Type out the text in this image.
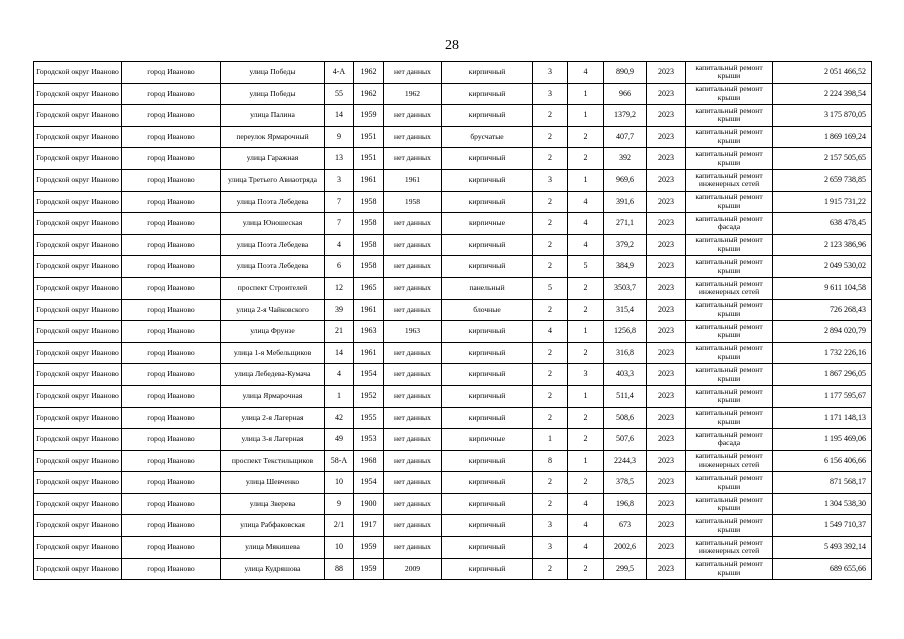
28
Городской округ Иваново	город Иваново	улица Победы	4-А	1962	нет данных	кирпичный	3	4	890,9	2023	капитальный ремонт крыши	2 051 466,52
Городской округ Иваново	город Иваново	улица Победы	55	1962	1962	кирпичный	3	1	966	2023	капитальный ремонт крыши	2 224 398,54
Городской округ Иваново	город Иваново	улица Палина	14	1959	нет данных	кирпичный	2	1	1379,2	2023	капитальный ремонт крыши	3 175 870,05
Городской округ Иваново	город Иваново	переулок Ярмарочный	9	1951	нет данных	брусчатые	2	2	407,7	2023	капитальный ремонт крыши	1 869 169,24
Городской округ Иваново	город Иваново	улица Гаражная	13	1951	нет данных	кирпичный	2	2	392	2023	капитальный ремонт крыши	2 157 505,65
Городской округ Иваново	город Иваново	улица Третьего Авиаотряда	3	1961	1961	кирпичный	3	1	969,6	2023	капитальный ремонт инженерных сетей	2 659 738,85
Городской округ Иваново	город Иваново	улица Поэта Лебедева	7	1958	1958	кирпичный	2	4	391,6	2023	капитальный ремонт крыши	1 915 731,22
Городской округ Иваново	город Иваново	улица Юношеская	7	1958	нет данных	кирпичные	2	4	271,1	2023	капитальный ремонт фасада	638 478,45
Городской округ Иваново	город Иваново	улица Поэта Лебедева	4	1958	нет данных	кирпичный	2	4	379,2	2023	капитальный ремонт крыши	2 123 386,96
Городской округ Иваново	город Иваново	улица Поэта Лебедева	6	1958	нет данных	кирпичный	2	5	384,9	2023	капитальный ремонт крыши	2 049 530,02
Городской округ Иваново	город Иваново	проспект Строителей	12	1965	нет данных	панельный	5	2	3503,7	2023	капитальный ремонт инженерных сетей	9 611 104,58
Городской округ Иваново	город Иваново	улица 2-я Чайковского	39	1961	нет данных	блочные	2	2	315,4	2023	капитальный ремонт крыши	726 268,43
Городской округ Иваново	город Иваново	улица Фрунзе	21	1963	1963	кирпичный	4	1	1256,8	2023	капитальный ремонт крыши	2 894 020,79
Городской округ Иваново	город Иваново	улица 1-я Мебельщиков	14	1961	нет данных	кирпичный	2	2	316,8	2023	капитальный ремонт крыши	1 732 226,16
Городской округ Иваново	город Иваново	улица Лебедева-Кумача	4	1954	нет данных	кирпичный	2	3	403,3	2023	капитальный ремонт крыши	1 867 296,05
Городской округ Иваново	город Иваново	улица Ярмарочная	1	1952	нет данных	кирпичный	2	1	511,4	2023	капитальный ремонт крыши	1 177 595,67
Городской округ Иваново	город Иваново	улица 2-я Лагерная	42	1955	нет данных	кирпичный	2	2	508,6	2023	капитальный ремонт крыши	1 171 148,13
Городской округ Иваново	город Иваново	улица 3-я Лагерная	49	1953	нет данных	кирпичные	1	2	507,6	2023	капитальный ремонт фасада	1 195 469,06
Городской округ Иваново	город Иваново	проспект Текстильщиков	58-А	1968	нет данных	кирпичный	8	1	2244,3	2023	капитальный ремонт инженерных сетей	6 156 406,66
Городской округ Иваново	город Иваново	улица Шевченко	10	1954	нет данных	кирпичный	2	2	378,5	2023	капитальный ремонт крыши	871 568,17
Городской округ Иваново	город Иваново	улица Зверева	9	1900	нет данных	кирпичный	2	4	196,8	2023	капитальный ремонт крыши	1 304 538,30
Городской округ Иваново	город Иваново	улица Рабфаковская	2/1	1917	нет данных	кирпичный	3	4	673	2023	капитальный ремонт крыши	1 549 710,37
Городской округ Иваново	город Иваново	улица Мякишева	10	1959	нет данных	кирпичный	3	4	2002,6	2023	капитальный ремонт инженерных сетей	5 493 392,14
Городской округ Иваново	город Иваново	улица Кудряшова	88	1959	2009	кирпичный	2	2	299,5	2023	капитальный ремонт крыши	689 655,66
